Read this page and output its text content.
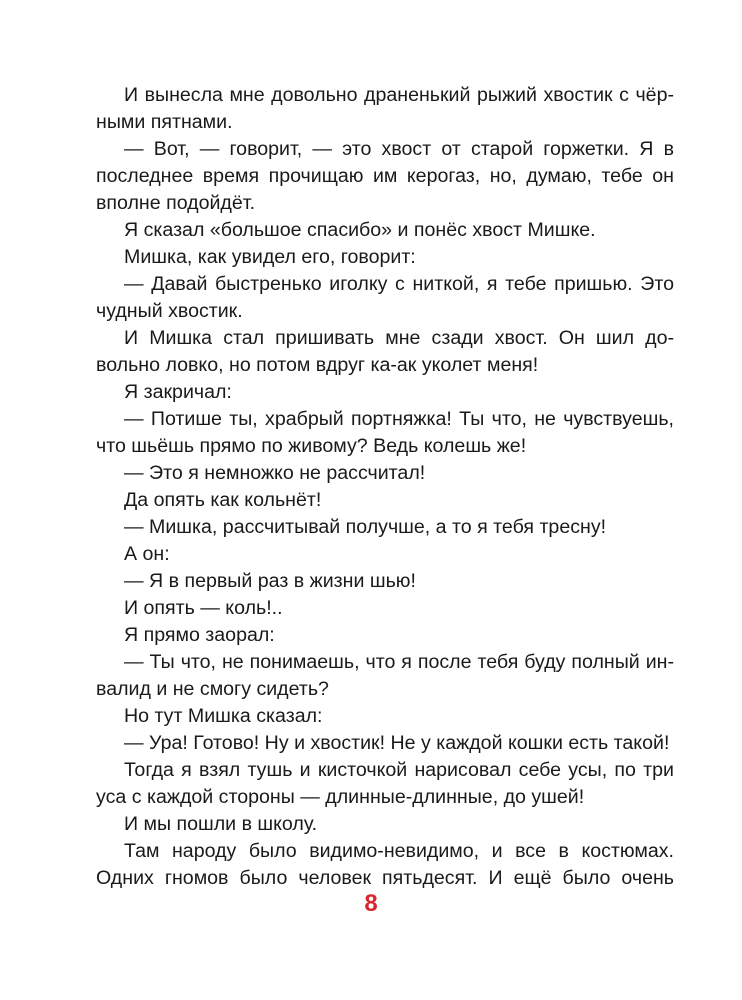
И вынесла мне довольно драненький рыжий хвостик с чёр-
ными пятнами.

— Вот, — говорит, — это хвост от старой горжетки. Я в
последнее время прочищаю им керогаз, но, думаю, тебе он
вполне подойдёт.

Я сказал «большое спасибо» и понёс хвост Мишке.

Мишка, как увидел его, говорит:

— Давай быстренько иголку с ниткой, я тебе пришью. Это
чудный хвостик.

И Мишка стал пришивать мне сзади хвост. Он шил до-
вольно ловко, но потом вдруг ка-ак уколет меня!

Я закричал:

— Потише ты, храбрый портняжка! Ты что, не чувствуешь,
что шьёшь прямо по живому? Ведь колешь же!

— Это я немножко не рассчитал!

Да опять как кольнёт!

— Мишка, рассчитывай получше, а то я тебя тресну!

А он:

— Я в первый раз в жизни шью!

И опять — коль!..

Я прямо заорал:

— Ты что, не понимаешь, что я после тебя буду полный ин-
валид и не смогу сидеть?

Но тут Мишка сказал:

— Ура! Готово! Ну и хвостик! Не у каждой кошки есть такой!

Тогда я взял тушь и кисточкой нарисовал себе усы, по три
уса с каждой стороны — длинные-длинные, до ушей!

И мы пошли в школу.

Там народу было видимо-невидимо, и все в костюмах.
Одних гномов было человек пятьдесят. И ещё было очень

8
